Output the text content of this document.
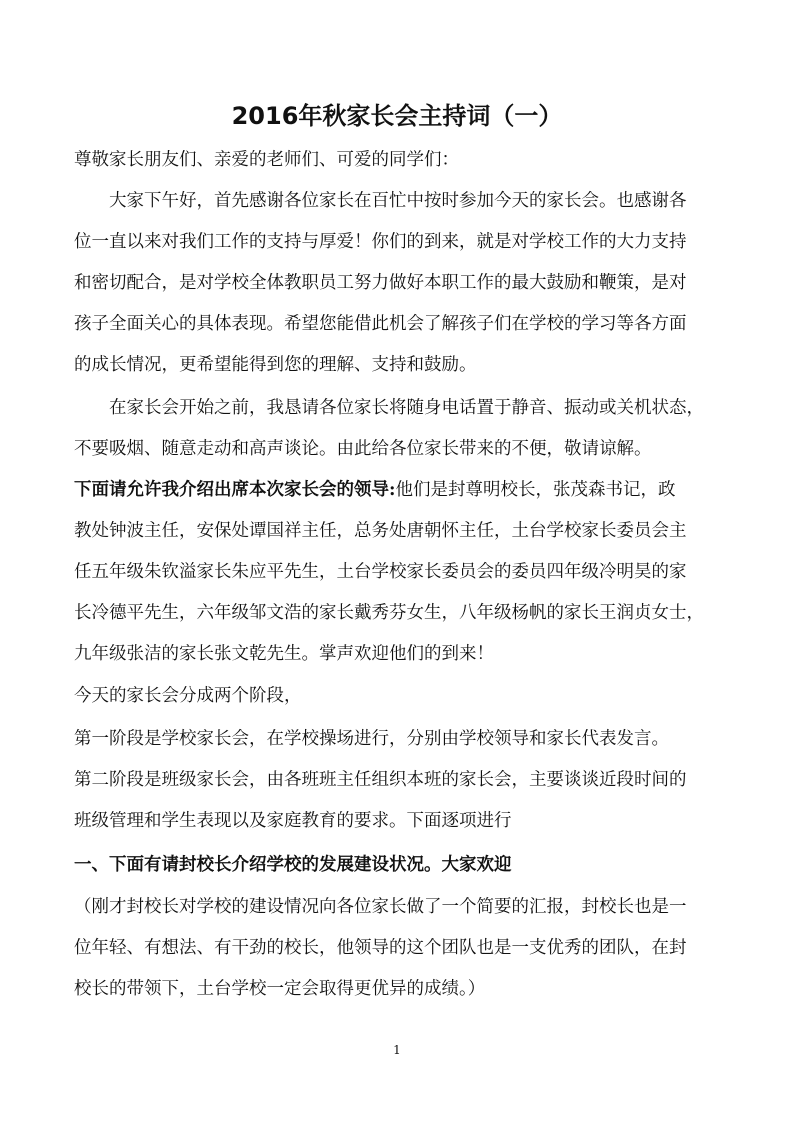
2016年秋家长会主持词（一）
尊敬家长朋友们、亲爱的老师们、可爱的同学们：
大家下午好，首先感谢各位家长在百忙中按时参加今天的家长会。也感谢各
位一直以来对我们工作的支持与厚爱！你们的到来，就是对学校工作的大力支持
和密切配合，是对学校全体教职员工努力做好本职工作的最大鼓励和鞭策，是对
孩子全面关心的具体表现。希望您能借此机会了解孩子们在学校的学习等各方面
的成长情况，更希望能得到您的理解、支持和鼓励。
在家长会开始之前，我恳请各位家长将随身电话置于静音、振动或关机状态，
不要吸烟、随意走动和高声谈论。由此给各位家长带来的不便，敬请谅解。
下面请允许我介绍出席本次家长会的领导:他们是封尊明校长，张茂森书记，政
教处钟波主任，安保处谭国祥主任，总务处唐朝怀主任，土台学校家长委员会主
任五年级朱钦溢家长朱应平先生，土台学校家长委员会的委员四年级冷明昊的家
长冷德平先生，六年级邹文浩的家长戴秀芬女生，八年级杨帆的家长王润贞女士，
九年级张洁的家长张文乾先生。掌声欢迎他们的到来！
今天的家长会分成两个阶段，
第一阶段是学校家长会，在学校操场进行，分别由学校领导和家长代表发言。
第二阶段是班级家长会，由各班班主任组织本班的家长会，主要谈谈近段时间的
班级管理和学生表现以及家庭教育的要求。下面逐项进行
一、下面有请封校长介绍学校的发展建设状况。大家欢迎
（刚才封校长对学校的建设情况向各位家长做了一个简要的汇报，封校长也是一
位年轻、有想法、有干劲的校长，他领导的这个团队也是一支优秀的团队，在封
校长的带领下，土台学校一定会取得更优异的成绩。）
1
